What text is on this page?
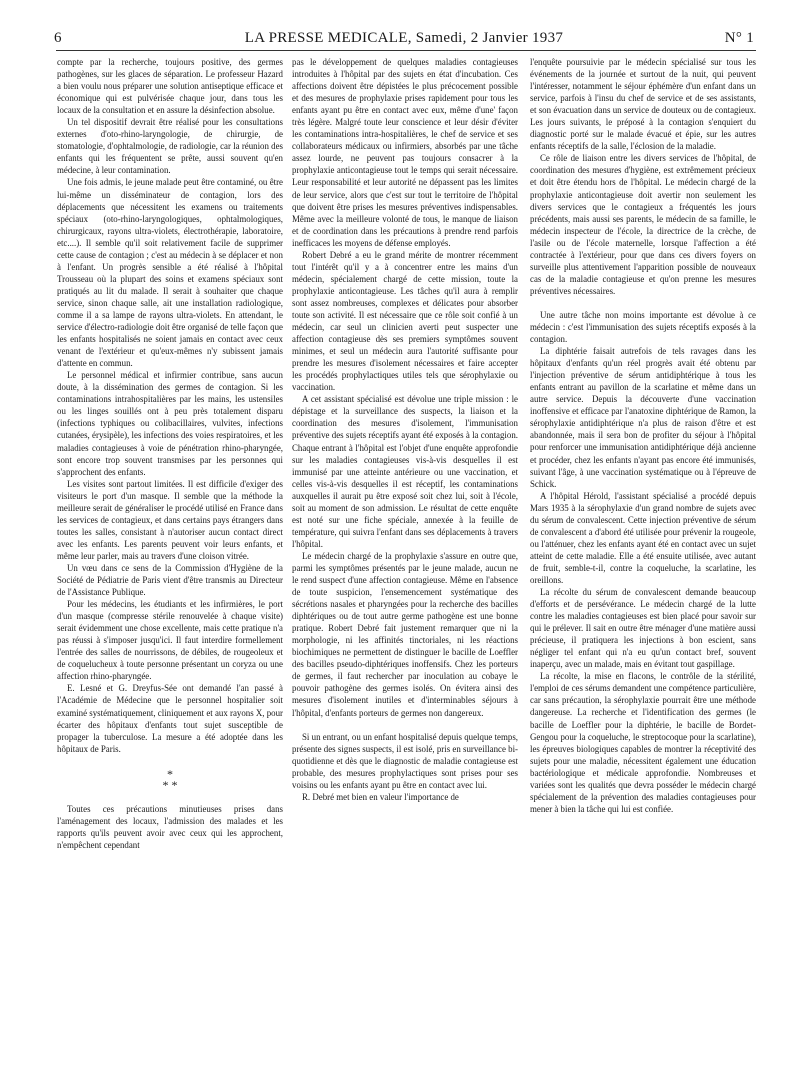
6	LA PRESSE MEDICALE, Samedi, 2 Janvier 1937	N° 1

compte par la recherche, toujours positive, des germes pathogènes, sur les glaces de séparation. Le professeur Hazard a bien voulu nous préparer une solution antiseptique efficace et économique qui est pulvérisée chaque jour, dans tous les locaux de la consultation et en assure la désinfection absolue.

Un tel dispositif devrait être réalisé pour les consultations externes d'oto-rhino-laryngologie, de chirurgie, de stomatologie, d'ophtalmologie, de radiologie, car la réunion des enfants qui les fréquentent se prête, aussi souvent qu'en médecine, à leur contamination.

Une fois admis, le jeune malade peut être contaminé, ou être lui-même un disséminateur de contagion, lors des déplacements que nécessitent les examens ou traitements spéciaux (oto-rhino-laryngologiques, ophtalmologiques, chirurgicaux, rayons ultra-violets, électrothérapie, laboratoire, etc....). Il semble qu'il soit relativement facile de supprimer cette cause de contagion ; c'est au médecin à se déplacer et non à l'enfant. Un progrès sensible a été réalisé à l'hôpital Trousseau où la plupart des soins et examens spéciaux sont pratiqués au lit du malade. Il serait à souhaiter que chaque service, sinon chaque salle, ait une installation radiologique, comme il a sa lampe de rayons ultra-violets. En attendant, le service d'électro-radiologie doit être organisé de telle façon que les enfants hospitalisés ne soient jamais en contact avec ceux venant de l'extérieur et qu'eux-mêmes n'y subissent jamais d'attente en commun.

Le personnel médical et infirmier contribue, sans aucun doute, à la dissémination des germes de contagion. Si les contaminations intrahospitalières par les mains, les ustensiles ou les linges souillés ont à peu près totalement disparu (infections typhiques ou colibacillaires, vulvites, infections cutanées, érysipèle), les infections des voies respiratoires, et les maladies contagieuses à voie de pénétration rhino-pharyngée, sont encore trop souvent transmises par les personnes qui s'approchent des enfants.

Les visites sont partout limitées. Il est difficile d'exiger des visiteurs le port d'un masque. Il semble que la méthode la meilleure serait de généraliser le procédé utilisé en France dans les services de contagieux, et dans certains pays étrangers dans toutes les salles, consistant à n'autoriser aucun contact direct avec les enfants. Les parents peuvent voir leurs enfants, et même leur parler, mais au travers d'une cloison vitrée.

Un vœu dans ce sens de la Commission d'Hygiène de la Société de Pédiatrie de Paris vient d'être transmis au Directeur de l'Assistance Publique.

Pour les médecins, les étudiants et les infirmières, le port d'un masque (compresse stérile renouvelée à chaque visite) serait évidemment une chose excellente, mais cette pratique n'a pas réussi à s'imposer jusqu'ici. Il faut interdire formellement l'entrée des salles de nourrissons, de débiles, de rougeoleux et de coquelucheux à toute personne présentant un coryza ou une affection rhino-pharyngée.

E. Lesné et G. Dreyfus-Sée ont demandé l'an passé à l'Académie de Médecine que le personnel hospitalier soit examiné systématiquement, cliniquement et aux rayons X, pour écarter des hôpitaux d'enfants tout sujet susceptible de propager la tuberculose. La mesure a été adoptée dans les hôpitaux de Paris.

*
* *

Toutes ces précautions minutieuses prises dans l'aménagement des locaux, l'admission des malades et les rapports qu'ils peuvent avoir avec ceux qui les approchent, n'empêchent cependant

pas le développement de quelques maladies contagieuses introduites à l'hôpital par des sujets en état d'incubation. Ces affections doivent être dépistées le plus précocement possible et des mesures de prophylaxie prises rapidement pour tous les enfants ayant pu être en contact avec eux, même d'une' façon très légère. Malgré toute leur conscience et leur désir d'éviter les contaminations intra-hospitalières, le chef de service et ses collaborateurs médicaux ou infirmiers, absorbés par une tâche assez lourde, ne peuvent pas toujours consacrer à la prophylaxie anticontagieuse tout le temps qui serait nécessaire. Leur responsabilité et leur autorité ne dépassent pas les limites de leur service, alors que c'est sur tout le territoire de l'hôpital que doivent être prises les mesures préventives indispensables. Même avec la meilleure volonté de tous, le manque de liaison et de coordination dans les précautions à prendre rend parfois inefficaces les moyens de défense employés.

Robert Debré a eu le grand mérite de montrer récemment tout l'intérêt qu'il y a à concentrer entre les mains d'un médecin, spécialement chargé de cette mission, toute la prophylaxie anticontagieuse. Les tâches qu'il aura à remplir sont assez nombreuses, complexes et délicates pour absorber toute son activité. Il est nécessaire que ce rôle soit confié à un médecin, car seul un clinicien averti peut suspecter une affection contagieuse dès ses premiers symptômes souvent minimes, et seul un médecin aura l'autorité suffisante pour prendre les mesures d'isolement nécessaires et faire accepter les procédés prophylactiques utiles tels que sérophylaxie ou vaccination.

A cet assistant spécialisé est dévolue une triple mission : le dépistage et la surveillance des suspects, la liaison et la coordination des mesures d'isolement, l'immunisation préventive des sujets réceptifs ayant été exposés à la contagion. Chaque entrant à l'hôpital est l'objet d'une enquête approfondie sur les maladies contagieuses vis-à-vis desquelles il est immunisé par une atteinte antérieure ou une vaccination, et celles vis-à-vis desquelles il est réceptif, les contaminations auxquelles il aurait pu être exposé soit chez lui, soit à l'école, soit au moment de son admission. Le résultat de cette enquête est noté sur une fiche spéciale, annexée à la feuille de température, qui suivra l'enfant dans ses déplacements à travers l'hôpital.

Le médecin chargé de la prophylaxie s'assure en outre que, parmi les symptômes présentés par le jeune malade, aucun ne le rend suspect d'une affection contagieuse. Même en l'absence de toute suspicion, l'ensemencement systématique des sécrétions nasales et pharyngées pour la recherche des bacilles diphtériques ou de tout autre germe pathogène est une bonne pratique. Robert Debré fait justement remarquer que ni la morphologie, ni les affinités tinctoriales, ni les réactions biochimiques ne permettent de distinguer le bacille de Loeffler des bacilles pseudo-diphtériques inoffensifs. Chez les porteurs de germes, il faut rechercher par inoculation au cobaye le pouvoir pathogène des germes isolés. On évitera ainsi des mesures d'isolement inutiles et d'interminables séjours à l'hôpital, d'enfants porteurs de germes non dangereux.

Si un entrant, ou un enfant hospitalisé depuis quelque temps, présente des signes suspects, il est isolé, pris en surveillance bi-quotidienne et dès que le diagnostic de maladie contagieuse est probable, des mesures prophylactiques sont prises pour ses voisins ou les enfants ayant pu être en contact avec lui.

R. Debré met bien en valeur l'importance de

l'enquête poursuivie par le médecin spécialisé sur tous les événements de la journée et surtout de la nuit, qui peuvent l'intéresser, notamment le séjour éphémère d'un enfant dans un service, parfois à l'insu du chef de service et de ses assistants, et son évacuation dans un service de douteux ou de contagieux. Les jours suivants, le préposé à la contagion s'enquiert du diagnostic porté sur le malade évacué et épie, sur les autres enfants réceptifs de la salle, l'éclosion de la maladie.

Ce rôle de liaison entre les divers services de l'hôpital, de coordination des mesures d'hygiène, est extrêmement précieux et doit être étendu hors de l'hôpital. Le médecin chargé de la prophylaxie anticontagieuse doit avertir non seulement les divers services que le contagieux a fréquentés les jours précédents, mais aussi ses parents, le médecin de sa famille, le médecin inspecteur de l'école, la directrice de la crèche, de l'asile ou de l'école maternelle, lorsque l'affection a été contractée à l'extérieur, pour que dans ces divers foyers on surveille plus attentivement l'apparition possible de nouveaux cas de la maladie contagieuse et qu'on prenne les mesures préventives nécessaires.

Une autre tâche non moins importante est dévolue à ce médecin : c'est l'immunisation des sujets réceptifs exposés à la contagion.

La diphtérie faisait autrefois de tels ravages dans les hôpitaux d'enfants qu'un réel progrès avait été obtenu par l'injection préventive de sérum antidiphtérique à tous les enfants entrant au pavillon de la scarlatine et même dans un autre service. Depuis la découverte d'une vaccination inoffensive et efficace par l'anatoxine diphtérique de Ramon, la sérophylaxie antidiphtérique n'a plus de raison d'être et est abandonnée, mais il sera bon de profiter du séjour à l'hôpital pour renforcer une immunisation antidiphtérique déjà ancienne et procéder, chez les enfants n'ayant pas encore été immunisés, suivant l'âge, à une vaccination systématique ou à l'épreuve de Schick.

A l'hôpital Hérold, l'assistant spécialisé a procédé depuis Mars 1935 à la sérophylaxie d'un grand nombre de sujets avec du sérum de convalescent. Cette injection préventive de sérum de convalescent a d'abord été utilisée pour prévenir la rougeole, ou l'atténuer, chez les enfants ayant été en contact avec un sujet atteint de cette maladie. Elle a été ensuite utilisée, avec autant de fruit, semble-t-il, contre la coqueluche, la scarlatine, les oreillons.

La récolte du sérum de convalescent demande beaucoup d'efforts et de persévérance. Le médecin chargé de la lutte contre les maladies contagieuses est bien placé pour savoir sur qui le prélever. Il sait en outre être ménager d'une matière aussi précieuse, il pratiquera les injections à bon escient, sans négliger tel enfant qui n'a eu qu'un contact bref, souvent inaperçu, avec un malade, mais en évitant tout gaspillage.

La récolte, la mise en flacons, le contrôle de la stérilité, l'emploi de ces sérums demandent une compétence particulière, car sans précaution, la sérophylaxie pourrait être une méthode dangereuse. La recherche et l'identification des germes (le bacille de Loeffler pour la diphtérie, le bacille de Bordet-Gengou pour la coqueluche, le streptocoque pour la scarlatine), les épreuves biologiques capables de montrer la réceptivité des sujets pour une maladie, nécessitent également une éducation bactériologique et médicale approfondie. Nombreuses et variées sont les qualités que devra posséder le médecin chargé spécialement de la prévention des maladies contagieuses pour mener à bien la tâche qui lui est confiée.
